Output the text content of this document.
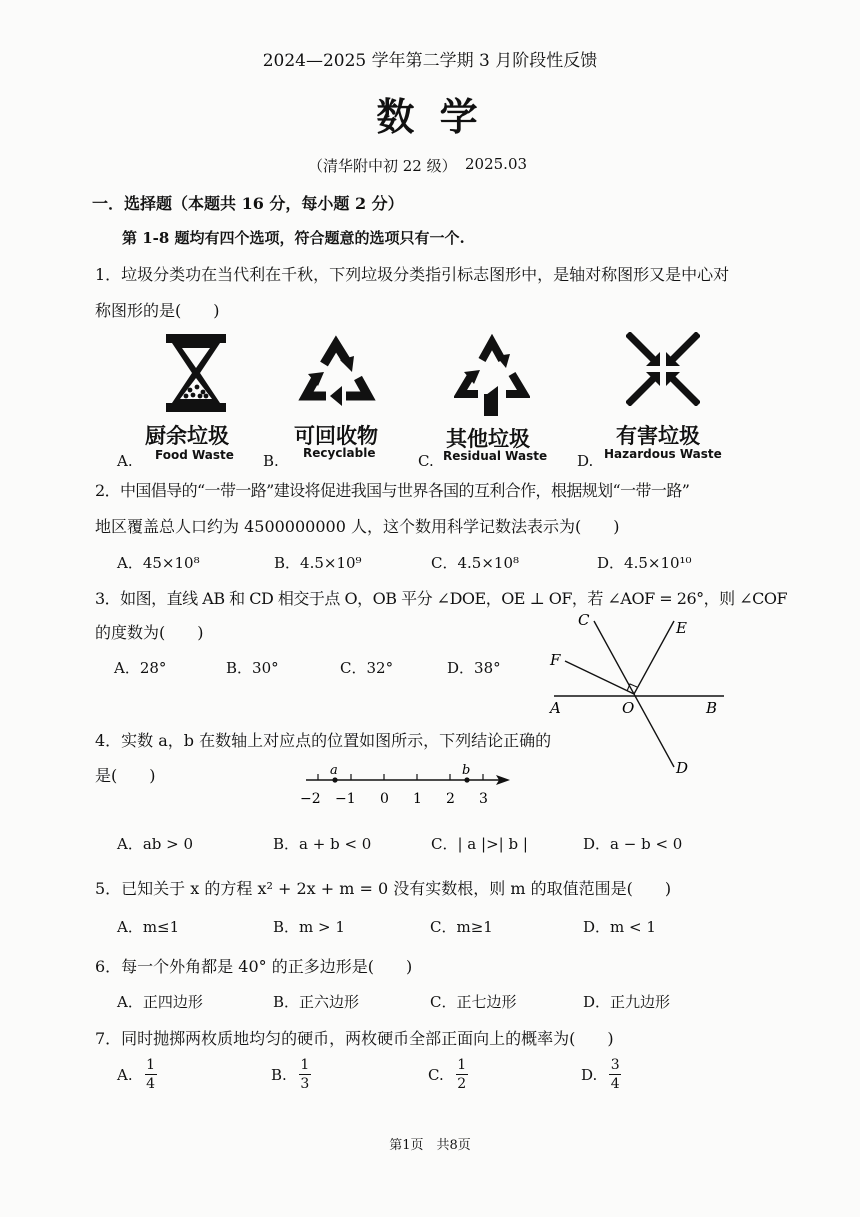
2024—2025 学年第二学期 3 月阶段性反馈
数 学
（清华附中初 22 级） 2025.03
一．选择题（本题共 16 分，每小题 2 分）
第 1-8 题均有四个选项，符合题意的选项只有一个.
1．垃圾分类功在当代利在千秋，下列垃圾分类指引标志图形中，是轴对称图形又是中心对
称图形的是(　　)
厨余垃圾	可回收物	其他垃圾	有害垃圾
A. Food Waste B. Recyclable	C. Residual Waste D. Hazardous Waste
2．中国倡导的“一带一路”建设将促进我国与世界各国的互利合作，根据规划“一带一路”
地区覆盖总人口约为 4500000000 人，这个数用科学记数法表示为(　　)
A．45×10⁸	B．4.5×10⁹	C．4.5×10⁸	D．4.5×10¹⁰
3．如图，直线 AB 和 CD 相交于点 O，OB 平分 ∠DOE，OE ⊥ OF，若 ∠AOF = 26°，则 ∠COF
的度数为(　　)
A．28°	B．30°	C．32°	D．38°
C	E
F
A	O	B
D
4．实数 a，b 在数轴上对应点的位置如图所示，下列结论正确的
是(　　)	a	b
−2 −1 0 1 2 3
A．ab > 0	B．a + b < 0	C．| a |>| b |	D．a − b < 0
5．已知关于 x 的方程 x² + 2x + m = 0 没有实数根，则 m 的取值范围是(　　)
A．m≤1	B．m > 1	C．m≥1	D．m < 1
6．每一个外角都是 40° 的正多边形是(　　)
A．正四边形	B．正六边形	C．正七边形	D．正九边形
7．同时抛掷两枚质地均匀的硬币，两枚硬币全部正面向上的概率为(　　)
A. $\frac{1}{4}$	B. $\frac{1}{3}$	C. $\frac{1}{2}$	D. $\frac{3}{4}$
第1页　共8页
